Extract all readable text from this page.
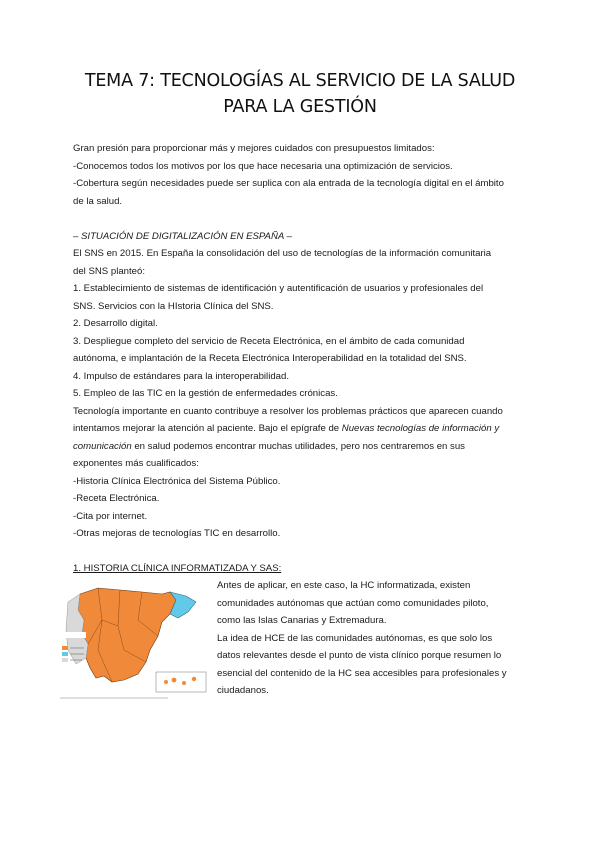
TEMA 7: TECNOLOGÍAS AL SERVICIO DE LA SALUD
PARA LA GESTIÓN
Gran presión para proporcionar más y mejores cuidados con presupuestos limitados:
-Conocemos todos los motivos por los que hace necesaria una optimización de servicios.
-Cobertura según necesidades puede ser suplica con ala entrada de la tecnología digital en el ámbito
de la salud.
– SITUACIÓN DE DIGITALIZACIÓN EN ESPAÑA –
El SNS en 2015. En España la consolidación del uso de tecnologías de la información comunitaria
del SNS planteó:
1. Establecimiento de sistemas de identificación y autentificación de usuarios y profesionales del
SNS. Servicios con la HIstoria Clínica del SNS.
2. Desarrollo digital.
3. Despliegue completo del servicio de Receta Electrónica, en el ámbito de cada comunidad
autónoma, e implantación de la Receta Electrónica Interoperabilidad en la totalidad del SNS.
4. Impulso de estándares para la interoperabilidad.
5. Empleo de las TIC en la gestión de enfermedades crónicas.
Tecnología importante en cuanto contribuye a resolver los problemas prácticos que aparecen cuando
intentamos mejorar la atención al paciente. Bajo el epígrafe de Nuevas tecnologías de información y
comunicación en salud podemos encontrar muchas utilidades, pero nos centraremos en sus
exponentes más cualificados:
-Historia Clínica Electrónica del Sistema Público.
-Receta Electrónica.
-Cita por internet.
-Otras mejoras de tecnologías TIC en desarrollo.
1. HISTORIA CLÍNICA INFORMATIZADA Y SAS:
Antes de aplicar, en este caso, la HC informatizada, existen
comunidades autónomas que actúan como comunidades piloto,
como las Islas Canarias y Extremadura.
La idea de HCE de las comunidades autónomas, es que solo los
datos relevantes desde el punto de vista clínico porque resumen lo
esencial del contenido de la HC sea accesibles para profesionales y
ciudadanos.
